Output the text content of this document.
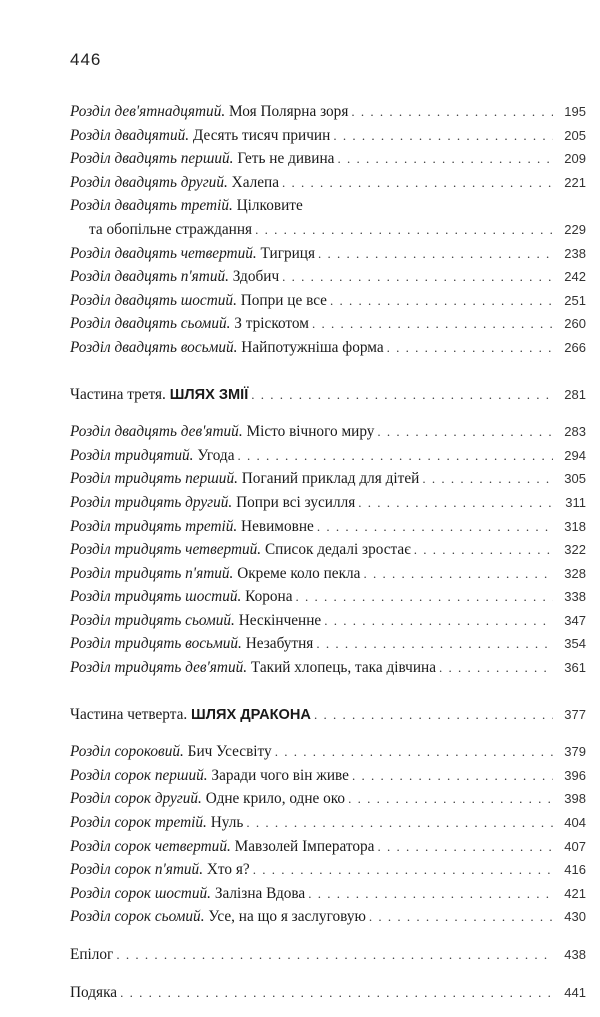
446
Розділ дев'ятнадцятий. Моя Полярна зоря . . .	195
Розділ двадцятий. Десять тисяч причин . . .	205
Розділ двадцять перший. Геть не дивина . . .	209
Розділ двадцять другий. Халепа . . .	221
Розділ двадцять третій. Цілковите
та обопільне страждання . . .	229
Розділ двадцять четвертий. Тигриця . . .	238
Розділ двадцять п'ятий. Здобич . . .	242
Розділ двадцять шостий. Попри це все . . .	251
Розділ двадцять сьомий. З тріскотом . . .	260
Розділ двадцять восьмий. Найпотужніша форма . . .	266
Частина третя. ШЛЯХ ЗМІЇ . . .	281
Розділ двадцять дев'ятий. Місто вічного миру . . .	283
Розділ тридцятий. Угода . . .	294
Розділ тридцять перший. Поганий приклад для дітей . . .	305
Розділ тридцять другий. Попри всі зусилля . . .	311
Розділ тридцять третій. Невимовне . . .	318
Розділ тридцять четвертий. Список дедалі зростає . . .	322
Розділ тридцять п'ятий. Окреме коло пекла . . .	328
Розділ тридцять шостий. Корона . . .	338
Розділ тридцять сьомий. Нескінченне . . .	347
Розділ тридцять восьмий. Незабутня . . .	354
Розділ тридцять дев'ятий. Такий хлопець, така дівчина . . .	361
Частина четверта. ШЛЯХ ДРАКОНА . . .	377
Розділ сороковий. Бич Усесвіту . . .	379
Розділ сорок перший. Заради чого він живе . . .	396
Розділ сорок другий. Одне крило, одне око . . .	398
Розділ сорок третій. Нуль . . .	404
Розділ сорок четвертий. Мавзолей Імператора . . .	407
Розділ сорок п'ятий. Хто я? . . .	416
Розділ сорок шостий. Залізна Вдова . . .	421
Розділ сорок сьомий. Усе, на що я заслуговую . . .	430
Епілог . . .	438
Подяка . . .	441
